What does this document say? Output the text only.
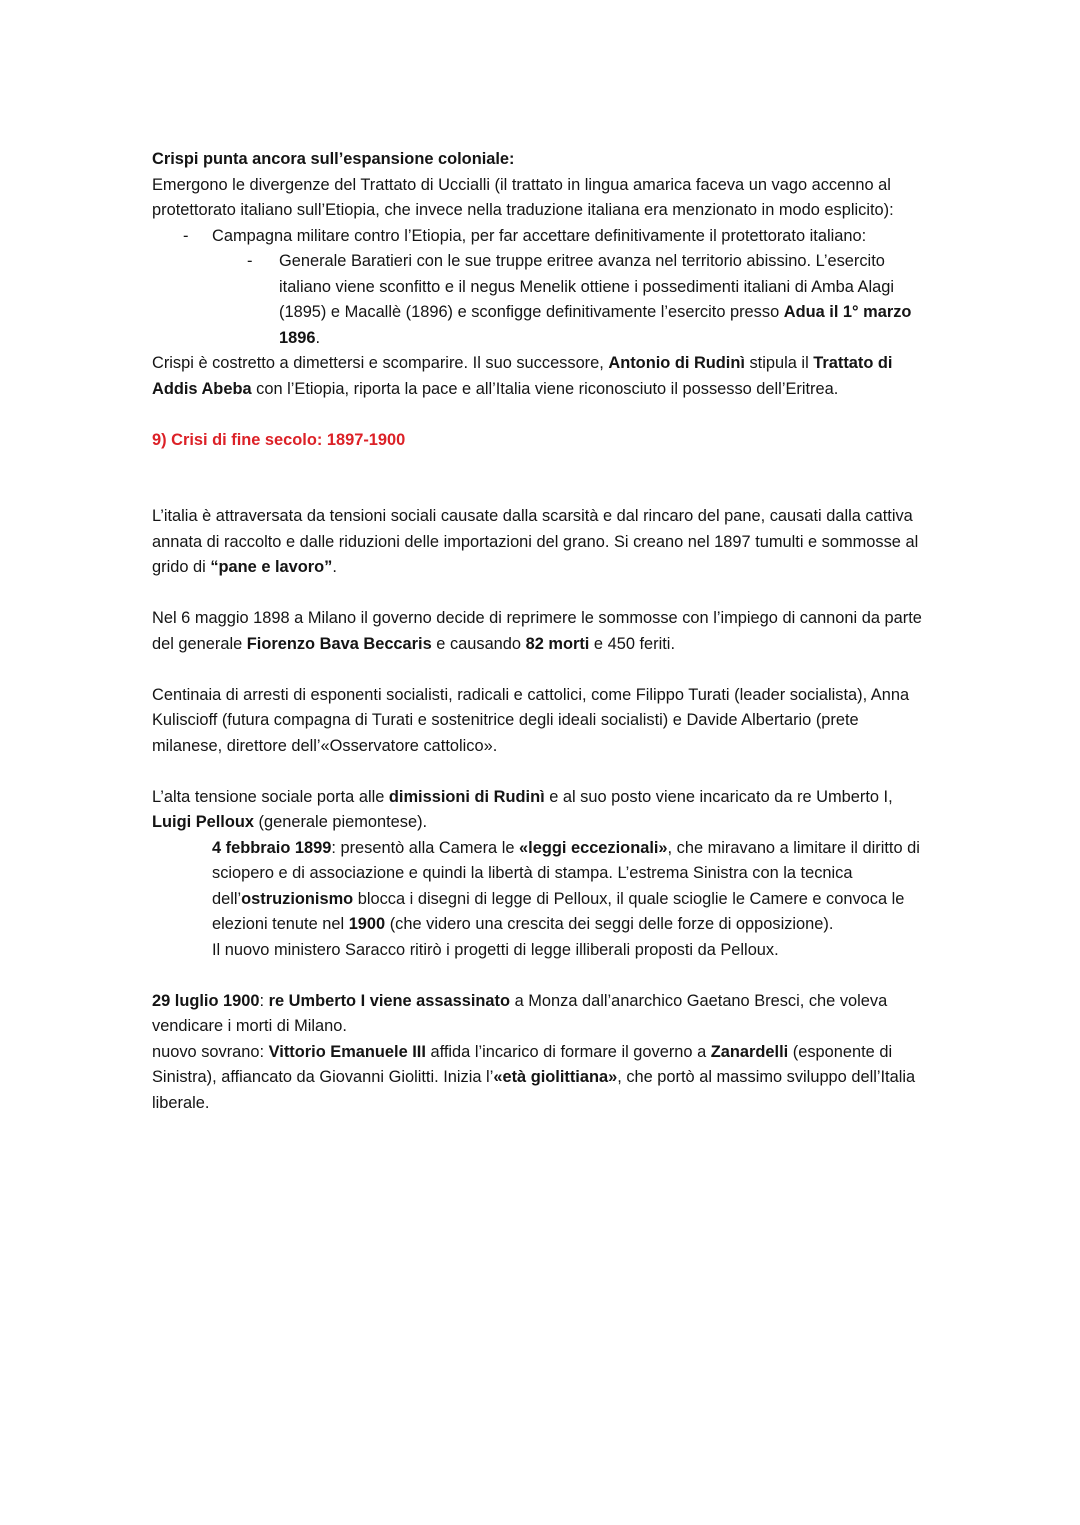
Crispi punta ancora sull’espansione coloniale:

Emergono le divergenze del Trattato di Uccialli (il trattato in lingua amarica faceva un vago accenno al protettorato italiano sull’Etiopia, che invece nella traduzione italiana era menzionato in modo esplicito):

-	Campagna militare contro l’Etiopia, per far accettare definitivamente il protettorato italiano:
-	Generale Baratieri con le sue truppe eritree avanza nel territorio abissino. L’esercito italiano viene sconfitto e il negus Menelik ottiene i possedimenti italiani di Amba Alagi (1895) e Macallè (1896) e sconfigge definitivamente l’esercito presso Adua il 1° marzo 1896.

Crispi è costretto a dimettersi e scomparire. Il suo successore, Antonio di Rudinì stipula il Trattato di Addis Abeba con l’Etiopia, riporta la pace e all’Italia viene riconosciuto il possesso dell’Eritrea.

9) Crisi di fine secolo: 1897-1900

L’italia è attraversata da tensioni sociali causate dalla scarsità e dal rincaro del pane, causati dalla cattiva annata di raccolto e dalle riduzioni delle importazioni del grano. Si creano nel 1897 tumulti e sommosse al grido di “pane e lavoro”.

Nel 6 maggio 1898 a Milano il governo decide di reprimere le sommosse con l’impiego di cannoni da parte del generale Fiorenzo Bava Beccaris e causando 82 morti e 450 feriti.

Centinaia di arresti di esponenti socialisti, radicali e cattolici, come Filippo Turati (leader socialista), Anna Kuliscioff (futura compagna di Turati e sostenitrice degli ideali socialisti) e Davide Albertario (prete milanese, direttore dell’«Osservatore cattolico».

L’alta tensione sociale porta alle dimissioni di Rudinì e al suo posto viene incaricato da re Umberto I, Luigi Pelloux (generale piemontese).

4 febbraio 1899: presentò alla Camera le «leggi eccezionali», che miravano a limitare il diritto di sciopero e di associazione e quindi la libertà di stampa. L’estrema Sinistra con la tecnica dell’ostruzionismo blocca i disegni di legge di Pelloux, il quale scioglie le Camere e convoca le elezioni tenute nel 1900 (che videro una crescita dei seggi delle forze di opposizione).

Il nuovo ministero Saracco ritirò i progetti di legge illiberali proposti da Pelloux.

29 luglio 1900: re Umberto I viene assassinato a Monza dall’anarchico Gaetano Bresci, che voleva vendicare i morti di Milano.

nuovo sovrano: Vittorio Emanuele III affida l’incarico di formare il governo a Zanardelli (esponente di Sinistra), affiancato da Giovanni Giolitti. Inizia l’«età giolittiana», che portò al massimo sviluppo dell’Italia liberale.
